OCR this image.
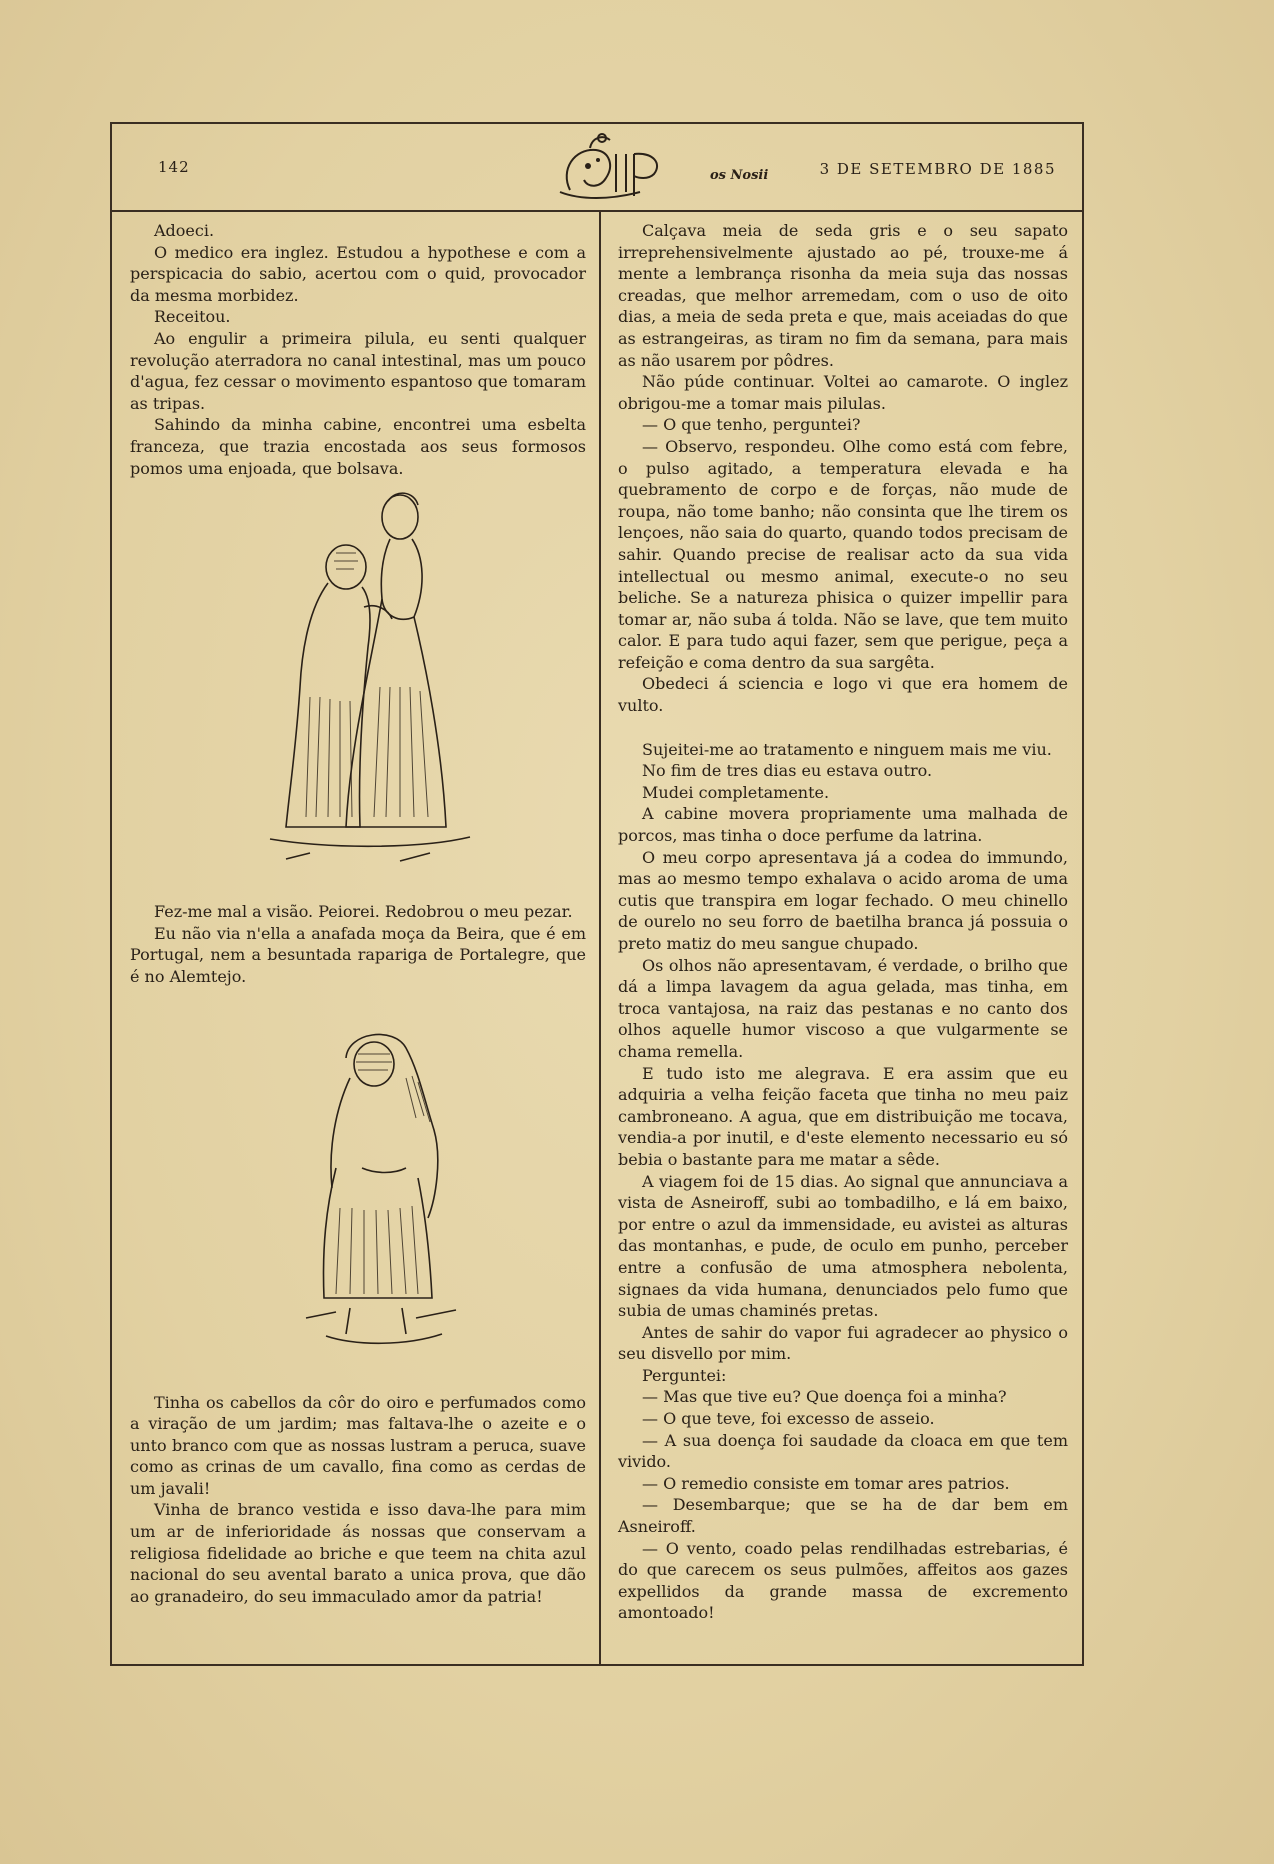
142	os Nosii	3 DE SETEMBRO DE 1885

Adoeci.

O medico era inglez. Estudou a hypothese e com a perspicacia do sabio, acertou com o quid, provocador da mesma morbidez.

Receitou.

Ao engulir a primeira pilula, eu senti qualquer revolução aterradora no canal intestinal, mas um pouco d'agua, fez cessar o movimento espantoso que tomaram as tripas.

Sahindo da minha cabine, encontrei uma esbelta franceza, que trazia encostada aos seus formosos pomos uma enjoada, que bolsava.

Fez-me mal a visão. Peiorei. Redobrou o meu pezar.

Eu não via n'ella a anafada moça da Beira, que é em Portugal, nem a besuntada rapariga de Portalegre, que é no Alemtejo.

Tinha os cabellos da côr do oiro e perfumados como a viração de um jardim; mas faltava-lhe o azeite e o unto branco com que as nossas lustram a peruca, suave como as crinas de um cavallo, fina como as cerdas de um javali!

Vinha de branco vestida e isso dava-lhe para mim um ar de inferioridade ás nossas que conservam a religiosa fidelidade ao briche e que teem na chita azul nacional do seu avental barato a unica prova, que dão ao granadeiro, do seu immaculado amor da patria!

Calçava meia de seda gris e o seu sapato irreprehensivelmente ajustado ao pé, trouxe-me á mente a lembrança risonha da meia suja das nossas creadas, que melhor arremedam, com o uso de oito dias, a meia de seda preta e que, mais aceiadas do que as estrangeiras, as tiram no fim da semana, para mais as não usarem por pôdres.

Não púde continuar. Voltei ao camarote. O inglez obrigou-me a tomar mais pilulas.

— O que tenho, perguntei?

— Observo, respondeu. Olhe como está com febre, o pulso agitado, a temperatura elevada e ha quebramento de corpo e de forças, não mude de roupa, não tome banho; não consinta que lhe tirem os lençoes, não saia do quarto, quando todos precisam de sahir. Quando precise de realisar acto da sua vida intellectual ou mesmo animal, execute-o no seu beliche. Se a natureza phisica o quizer impellir para tomar ar, não suba á tolda. Não se lave, que tem muito calor. E para tudo aqui fazer, sem que perigue, peça a refeição e coma dentro da sua sargêta.

Obedeci á sciencia e logo vi que era homem de vulto.

Sujeitei-me ao tratamento e ninguem mais me viu.

No fim de tres dias eu estava outro.

Mudei completamente.

A cabine movera propriamente uma malhada de porcos, mas tinha o doce perfume da latrina.

O meu corpo apresentava já a codea do immundo, mas ao mesmo tempo exhalava o acido aroma de uma cutis que transpira em logar fechado. O meu chinello de ourelo no seu forro de baetilha branca já possuia o preto matiz do meu sangue chupado.

Os olhos não apresentavam, é verdade, o brilho que dá a limpa lavagem da agua gelada, mas tinha, em troca vantajosa, na raiz das pestanas e no canto dos olhos aquelle humor viscoso a que vulgarmente se chama remella.

E tudo isto me alegrava. E era assim que eu adquiria a velha feição faceta que tinha no meu paiz cambroneano. A agua, que em distribuição me tocava, vendia-a por inutil, e d'este elemento necessario eu só bebia o bastante para me matar a sêde.

A viagem foi de 15 dias. Ao signal que annunciava a vista de Asneiroff, subi ao tombadilho, e lá em baixo, por entre o azul da immensidade, eu avistei as alturas das montanhas, e pude, de oculo em punho, perceber entre a confusão de uma atmosphera nebolenta, signaes da vida humana, denunciados pelo fumo que subia de umas chaminés pretas.

Antes de sahir do vapor fui agradecer ao physico o seu disvello por mim.

Perguntei:

— Mas que tive eu? Que doença foi a minha?

— O que teve, foi excesso de asseio.

— A sua doença foi saudade da cloaca em que tem vivido.

— O remedio consiste em tomar ares patrios.

— Desembarque; que se ha de dar bem em Asneiroff.

— O vento, coado pelas rendilhadas estrebarias, é do que carecem os seus pulmões, affeitos aos gazes expellidos da grande massa de excremento amontoado!
